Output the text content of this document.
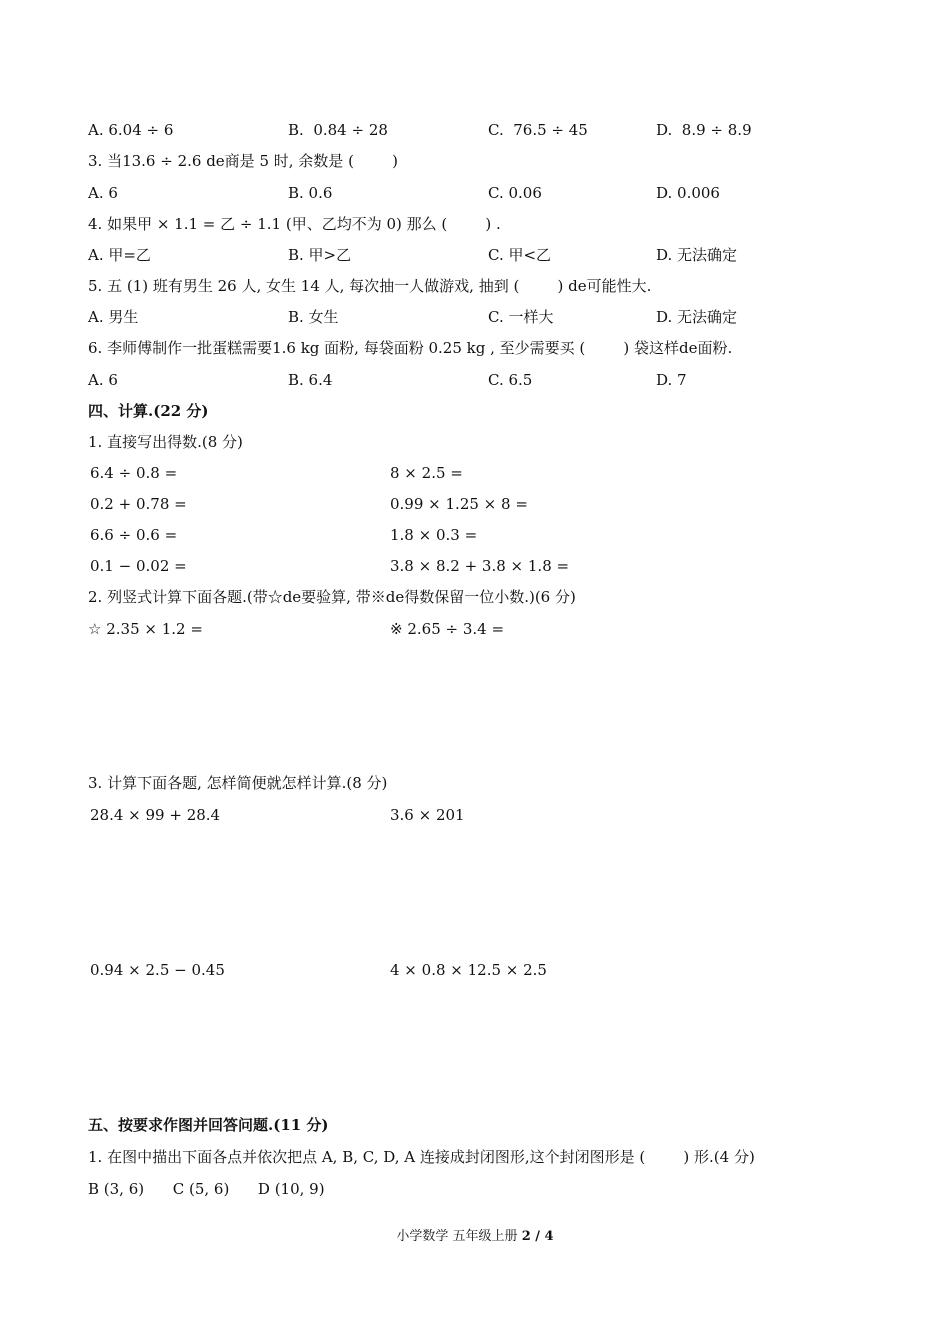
A. 6.04 ÷ 6	B.  0.84 ÷ 28	C.  76.5 ÷ 45	D.  8.9 ÷ 8.9
3. 当13.6 ÷ 2.6 de商是 5 时, 余数是 (        )
A. 6	B. 0.6	C. 0.06	D. 0.006
4. 如果甲 × 1.1 = 乙 ÷ 1.1 (甲、乙均不为 0) 那么 (        ) .
A. 甲=乙	B. 甲>乙	C. 甲<乙	D. 无法确定
5. 五 (1) 班有男生 26 人, 女生 14 人, 每次抽一人做游戏, 抽到 (        ) de可能性大.
A. 男生	B. 女生	C. 一样大	D. 无法确定
6. 李师傅制作一批蛋糕需要1.6 kg 面粉, 每袋面粉 0.25 kg , 至少需要买 (        ) 袋这样de面粉.
A. 6	B. 6.4	C. 6.5	D. 7
四、计算.(22 分)
1. 直接写出得数.(8 分)
6.4 ÷ 0.8 =	8 × 2.5 =
0.2 + 0.78 =	0.99 × 1.25 × 8 =
6.6 ÷ 0.6 =	1.8 × 0.3 =
0.1 − 0.02 =	3.8 × 8.2 + 3.8 × 1.8 =
2. 列竖式计算下面各题.(带☆de要验算, 带※de得数保留一位小数.)(6 分)
☆ 2.35 × 1.2 =	※ 2.65 ÷ 3.4 =
3. 计算下面各题, 怎样简便就怎样计算.(8 分)
28.4 × 99 + 28.4	3.6 × 201
0.94 × 2.5 − 0.45	4 × 0.8 × 12.5 × 2.5
五、按要求作图并回答问题.(11 分)
1. 在图中描出下面各点并依次把点 A, B, C, D, A 连接成封闭图形,这个封闭图形是 (        ) 形.(4 分)
B (3, 6)      C (5, 6)      D (10, 9)
小学数学 五年级上册 2 / 4
